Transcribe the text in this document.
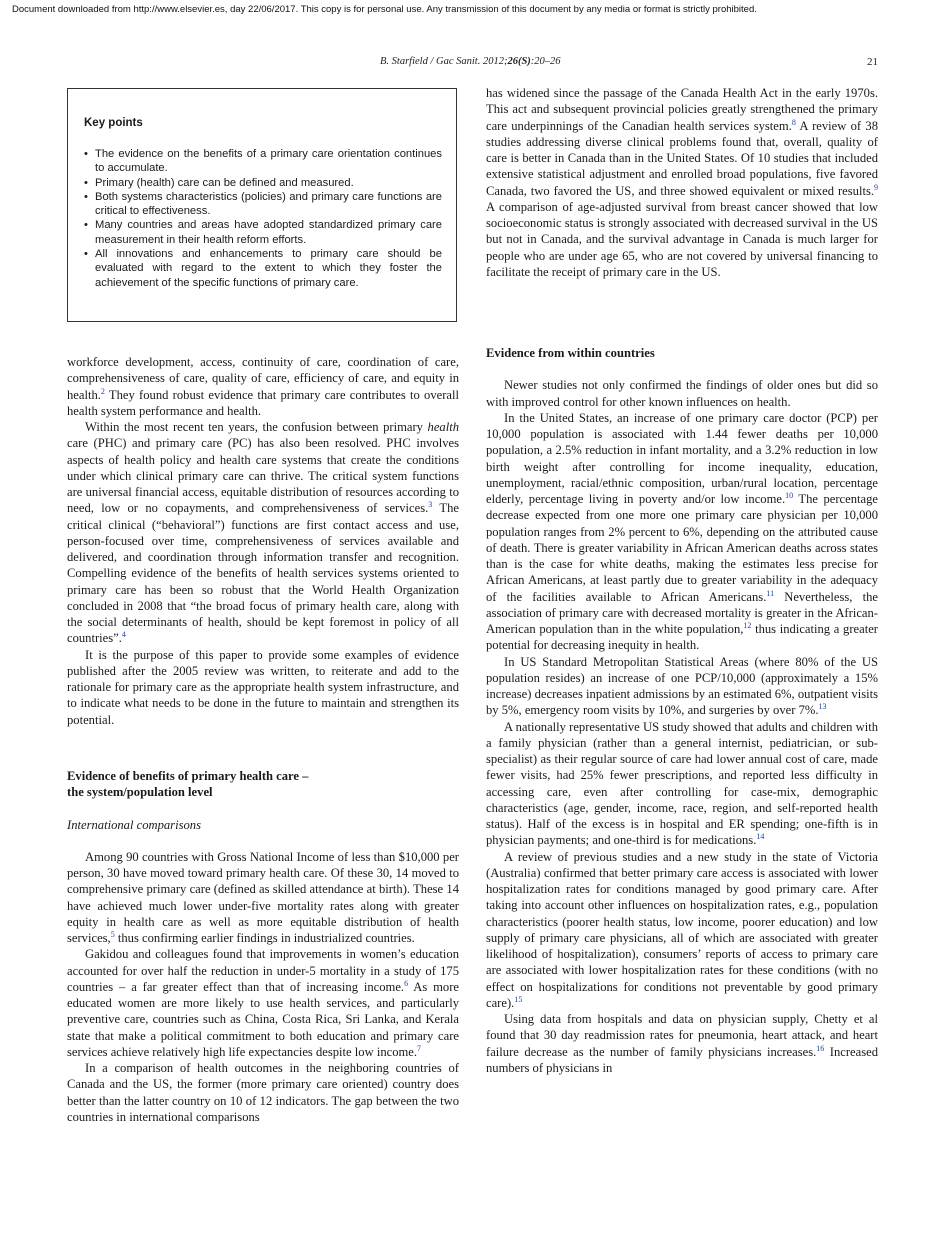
Document downloaded from http://www.elsevier.es, day 22/06/2017. This copy is for personal use. Any transmission of this document by any media or format is strictly prohibited.
B. Starfield / Gac Sanit. 2012;26(S):20–26	21
Key points
• The evidence on the benefits of a primary care orientation continues to accumulate.
• Primary (health) care can be defined and measured.
• Both systems characteristics (policies) and primary care functions are critical to effectiveness.
• Many countries and areas have adopted standardized primary care measurement in their health reform efforts.
• All innovations and enhancements to primary care should be evaluated with regard to the extent to which they foster the achievement of the specific functions of primary care.

workforce development, access, continuity of care, coordination of care, comprehensiveness of care, quality of care, efficiency of care, and equity in health.$^2$ They found robust evidence that primary care contributes to overall health system performance and health.

Within the most recent ten years, the confusion between primary health care (PHC) and primary care (PC) has also been resolved. PHC involves aspects of health policy and health care systems that create the conditions under which clinical primary care can thrive. The critical system functions are universal financial access, equitable distribution of resources according to need, low or no copayments, and comprehensiveness of services.$^3$ The critical clinical (“behavioral”) functions are first contact access and use, person-focused over time, comprehensiveness of services available and delivered, and coordination through information transfer and recognition. Compelling evidence of the benefits of health services systems oriented to primary care has been so robust that the World Health Organization concluded in 2008 that “the broad focus of primary health care, along with the social determinants of health, should be kept foremost in policy of all countries”.$^4$

It is the purpose of this paper to provide some examples of evidence published after the 2005 review was written, to reiterate and add to the rationale for primary care as the appropriate health system infrastructure, and to indicate what needs to be done in the future to maintain and strengthen its potential.

Evidence of benefits of primary health care –
the system/population level
International comparisons

Among 90 countries with Gross National Income of less than $10,000 per person, 30 have moved toward primary health care. Of these 30, 14 moved to comprehensive primary care (defined as skilled attendance at birth). These 14 have achieved much lower under-five mortality rates along with greater equity in health care as well as more equitable distribution of health services,$^5$ thus confirming earlier findings in industrialized countries.

Gakidou and colleagues found that improvements in women’s education accounted for over half the reduction in under-5 mortality in a study of 175 countries – a far greater effect than that of increasing income.$^6$ As more educated women are more likely to use health services, and particularly preventive care, countries such as China, Costa Rica, Sri Lanka, and Kerala state that make a political commitment to both education and primary care services achieve relatively high life expectancies despite low income.$^7$

In a comparison of health outcomes in the neighboring countries of Canada and the US, the former (more primary care oriented) country does better than the latter country on 10 of 12 indicators. The gap between the two countries in international comparisons

has widened since the passage of the Canada Health Act in the early 1970s. This act and subsequent provincial policies greatly strengthened the primary care underpinnings of the Canadian health services system.$^8$ A review of 38 studies addressing diverse clinical problems found that, overall, quality of care is better in Canada than in the United States. Of 10 studies that included extensive statistical adjustment and enrolled broad populations, five favored Canada, two favored the US, and three showed equivalent or mixed results.$^9$ A comparison of age-adjusted survival from breast cancer showed that low socioeconomic status is strongly associated with decreased survival in the US but not in Canada, and the survival advantage in Canada is much larger for people who are under age 65, who are not covered by universal financing to facilitate the receipt of primary care in the US.

Evidence from within countries

Newer studies not only confirmed the findings of older ones but did so with improved control for other known influences on health.

In the United States, an increase of one primary care doctor (PCP) per 10,000 population is associated with 1.44 fewer deaths per 10,000 population, a 2.5% reduction in infant mortality, and a 3.2% reduction in low birth weight after controlling for income inequality, education, unemployment, racial/ethnic composition, urban/rural location, percentage elderly, percentage living in poverty and/or low income.$^{10}$ The percentage decrease expected from one more one primary care physician per 10,000 population ranges from 2% percent to 6%, depending on the attributed cause of death. There is greater variability in African American deaths across states than is the case for white deaths, making the estimates less precise for African Americans, at least partly due to greater variability in the adequacy of the facilities available to African Americans.$^{11}$ Nevertheless, the association of primary care with decreased mortality is greater in the African-American population than in the white population,$^{12}$ thus indicating a greater potential for decreasing inequity in health.

In US Standard Metropolitan Statistical Areas (where 80% of the US population resides) an increase of one PCP/10,000 (approximately a 15% increase) decreases inpatient admissions by an estimated 6%, outpatient visits by 5%, emergency room visits by 10%, and surgeries by over 7%.$^{13}$

A nationally representative US study showed that adults and children with a family physician (rather than a general internist, pediatrician, or sub-specialist) as their regular source of care had lower annual cost of care, made fewer visits, had 25% fewer prescriptions, and reported less difficulty in accessing care, even after controlling for case-mix, demographic characteristics (age, gender, income, race, region, and self-reported health status). Half of the excess is in hospital and ER spending; one-fifth is in physician payments; and one-third is for medications.$^{14}$

A review of previous studies and a new study in the state of Victoria (Australia) confirmed that better primary care access is associated with lower hospitalization rates for conditions managed by good primary care. After taking into account other influences on hospitalization rates, e.g., population characteristics (poorer health status, low income, poorer education) and low supply of primary care physicians, all of which are associated with greater likelihood of hospitalization), consumers’ reports of access to primary care are associated with lower hospitalization rates for these conditions (with no effect on hospitalizations for conditions not preventable by good primary care).$^{15}$

Using data from hospitals and data on physician supply, Chetty et al found that 30 day readmission rates for pneumonia, heart attack, and heart failure decrease as the number of family physicians increases.$^{16}$ Increased numbers of physicians in
